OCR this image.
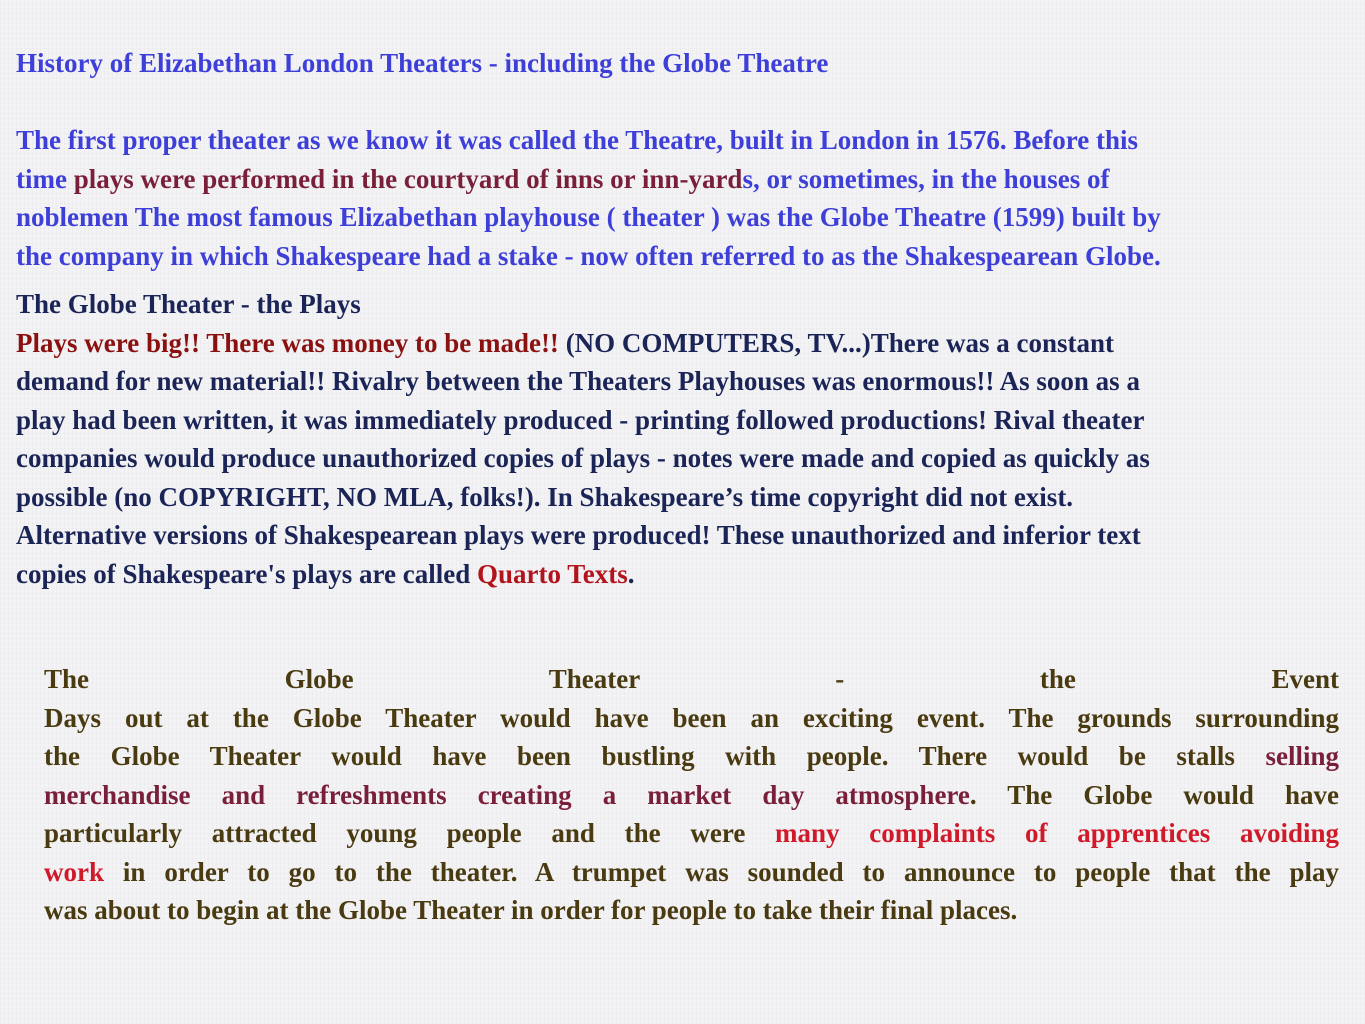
History of Elizabethan London Theaters - including the Globe Theatre
The first proper theater as we know it was called the Theatre, built in London in 1576. Before this
time plays were performed in the courtyard of inns or inn-yards, or sometimes, in the houses of
noblemen The most famous Elizabethan playhouse ( theater ) was the Globe Theatre (1599) built by
the company in which Shakespeare had a stake - now often referred to as the Shakespearean Globe.
The Globe Theater - the Plays
Plays were big!! There was money to be made!! (NO COMPUTERS, TV...)There was a constant
demand for new material!! Rivalry between the Theaters Playhouses was enormous!! As soon as a
play had been written, it was immediately produced - printing followed productions! Rival theater
companies would produce unauthorized copies of plays - notes were made and copied as quickly as
possible (no COPYRIGHT, NO MLA, folks!). In Shakespeare’s time copyright did not exist.
Alternative versions of Shakespearean plays were produced! These unauthorized and inferior text
copies of Shakespeare's plays are called Quarto Texts.
The Globe Theater - the Event
Days out at the Globe Theater would have been an exciting event. The grounds surrounding
the Globe Theater would have been bustling with people. There would be stalls selling
merchandise and refreshments creating a market day atmosphere. The Globe would have
particularly attracted young people and the were many complaints of apprentices avoiding
work in order to go to the theater. A trumpet was sounded to announce to people that the play
was about to begin at the Globe Theater in order for people to take their final places.
